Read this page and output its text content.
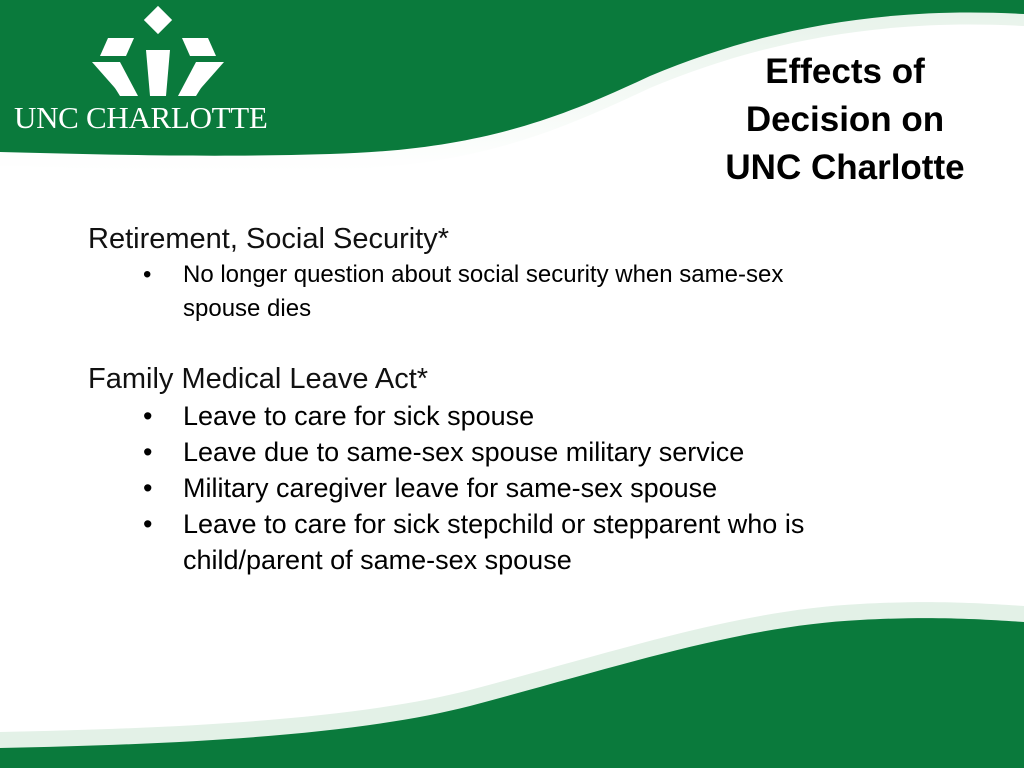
UNC CHARLOTTE
Effects of
Decision on
UNC Charlotte
Retirement, Social Security*
• No longer question about social security when same-sex spouse dies
Family Medical Leave Act*
• Leave to care for sick spouse
• Leave due to same-sex spouse military service
• Military caregiver leave for same-sex spouse
• Leave to care for sick stepchild or stepparent who is child/parent of same-sex spouse
